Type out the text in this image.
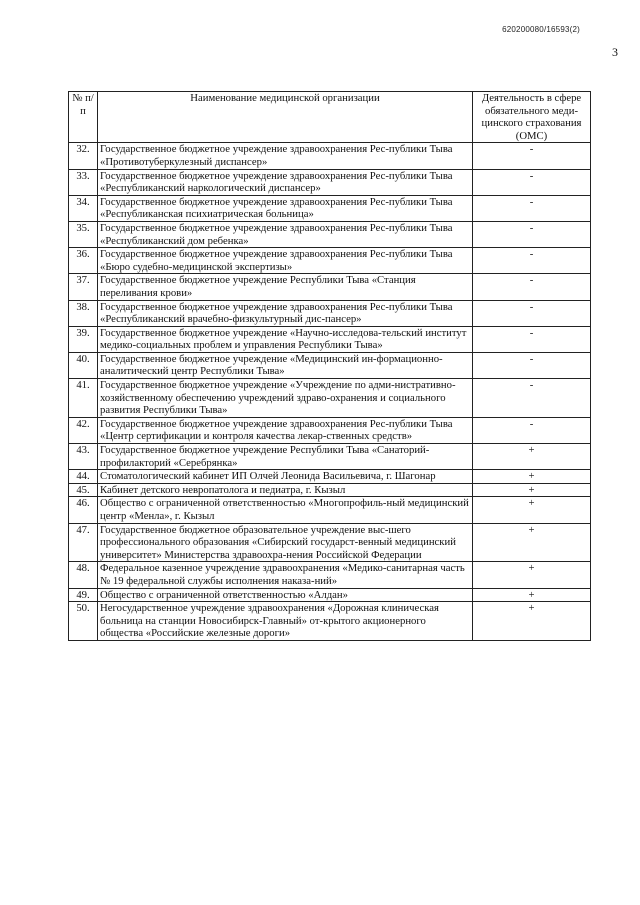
620200080/16593(2)
3
№ п/п	Наименование медицинской организации	Деятельность в сфере обязательного меди-цинского страхования (ОМС)
32.	Государственное бюджетное учреждение здравоохранения Рес-публики Тыва «Противотуберкулезный диспансер»	-
33.	Государственное бюджетное учреждение здравоохранения Рес-публики Тыва «Республиканский наркологический диспансер»	-
34.	Государственное бюджетное учреждение здравоохранения Рес-публики Тыва «Республиканская психиатрическая больница»	-
35.	Государственное бюджетное учреждение здравоохранения Рес-публики Тыва «Республиканский дом ребенка»	-
36.	Государственное бюджетное учреждение здравоохранения Рес-публики Тыва «Бюро судебно-медицинской экспертизы»	-
37.	Государственное бюджетное учреждение Республики Тыва «Станция переливания крови»	-
38.	Государственное бюджетное учреждение здравоохранения Рес-публики Тыва «Республиканский врачебно-физкультурный дис-пансер»	-
39.	Государственное бюджетное учреждение «Научно-исследова-тельский институт медико-социальных проблем и управления Республики Тыва»	-
40.	Государственное бюджетное учреждение «Медицинский ин-формационно-аналитический центр Республики Тыва»	-
41.	Государственное бюджетное учреждение «Учреждение по адми-нистративно-хозяйственному обеспечению учреждений здраво-охранения и социального развития Республики Тыва»	-
42.	Государственное бюджетное учреждение здравоохранения Рес-публики Тыва «Центр сертификации и контроля качества лекар-ственных средств»	-
43.	Государственное бюджетное учреждение Республики Тыва «Санаторий-профилакторий «Серебрянка»	+
44.	Стоматологический кабинет ИП Олчей Леонида Васильевича, г. Шагонар	+
45.	Кабинет детского невропатолога и педиатра, г. Кызыл	+
46.	Общество с ограниченной ответственностью «Многопрофиль-ный медицинский центр «Менла», г. Кызыл	+
47.	Государственное бюджетное образовательное учреждение выс-шего профессионального образования «Сибирский государст-венный медицинский университет» Министерства здравоохра-нения Российской Федерации	+
48.	Федеральное казенное учреждение здравоохранения «Медико-санитарная часть № 19 федеральной службы исполнения наказа-ний»	+
49.	Общество с ограниченной ответственностью «Алдан»	+
50.	Негосударственное учреждение здравоохранения «Дорожная клиническая больница на станции Новосибирск-Главный» от-крытого акционерного общества «Российские железные дороги»	+
